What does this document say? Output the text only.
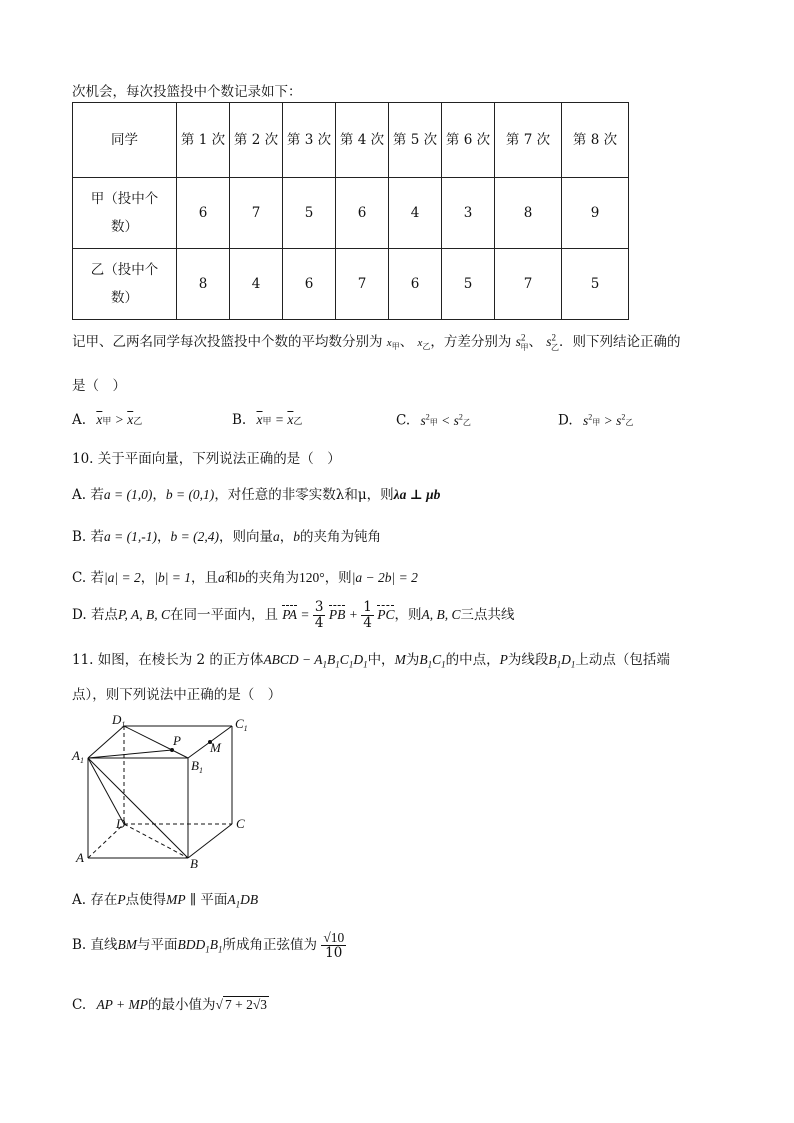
次机会，每次投篮投中个数记录如下：
同学	第 1 次	第 2 次	第 3 次	第 4 次	第 5 次	第 6 次	第 7 次	第 8 次
甲（投中个数）	6	7	5	6	4	3	8	9
乙（投中个数）	8	4	6	7	6	5	7	5
记甲、乙两名同学每次投篮投中个数的平均数分别为 $x_甲$、 $x_乙$，方差分别为 $s^2_甲$、 $s^2_乙$．则下列结论正确的
是（　）
A. $\overline{x}$甲 > $\overline{x}$乙	B. $\overline{x}$甲 = $\overline{x}$乙	C. $s^2$甲 < $s^2$乙	D. $s^2$甲 > $s^2$乙
10. 关于平面向量，下列说法正确的是（　）
A. 若a = (1,0)，b = (0,1)，对任意的非零实数λ和μ，则λa ⊥ μb
B. 若a = (1,-1)，b = (2,4)，则向量a，b的夹角为钝角
C. 若|a| = 2，|b| = 1，且a和b的夹角为120°，则|a − 2b| = 2
D. 若点P, A, B, C在同一平面内，且 PA = $\frac{3}{4}$ PB + $\frac{1}{4}$ PC，则A, B, C三点共线
11. 如图，在棱长为 2 的正方体ABCD − $A_1B_1C_1D_1$中，M为$B_1C_1$的中点，P为线段$B_1D_1$上动点（包括端
点），则下列说法中正确的是（　）
$D_1$	$C_1$
$A_1$	$B_1$
P M
D	C
A	B
A. 存在P点使得MP ∥ 平面$A_1DB$
B. 直线BM与平面$BDD_1B_1$所成角正弦值为 $\frac{√10}{10}$
C. AP + MP的最小值为√ 7 + 2√3
